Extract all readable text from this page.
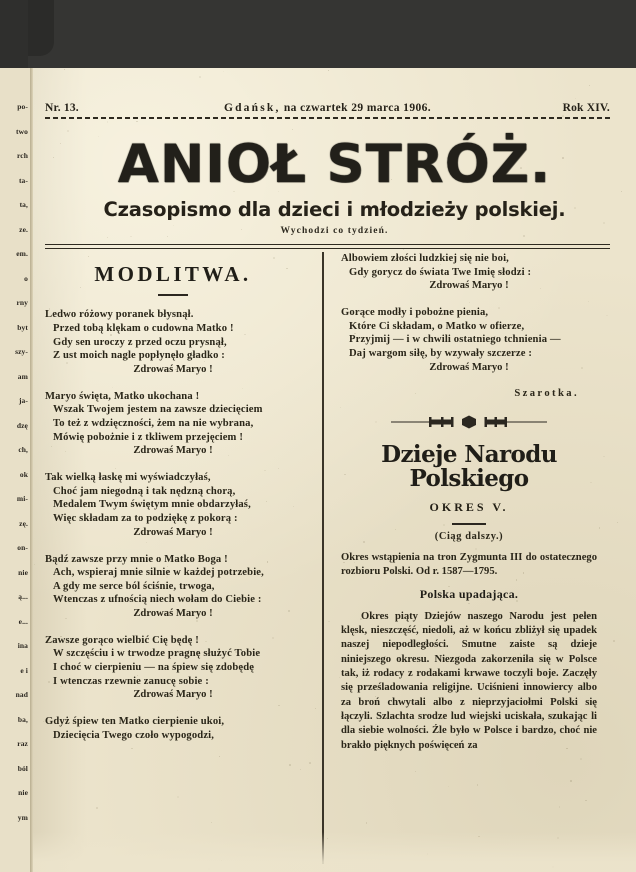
po-
two
rch
ta-
ta,
ze.
em.
o
rny
byt
szy-
am
ja-
dzę
ch,
ok
mi-
zę.
on-
nie
ą...
e...
ina
e i
nad
ba,
raz
ból
nie
ym
Nr. 13.	Gdańsk, na czwartek 29 marca 1906.	Rok XIV.
ANIOŁ STRÓŻ.
Czasopismo dla dzieci i młodzieży polskiej.
Wychodzi co tydzień.
MODLITWA.
Ledwo różowy poranek błysnął.
Przed tobą klękam o cudowna Matko !
Gdy sen uroczy z przed oczu prysnął,
Z ust moich nagle popłynęło gładko :
Zdrowaś Maryo !
Maryo święta, Matko ukochana !
Wszak Twojem jestem na zawsze dziecięciem
To też z wdzięczności, żem na nie wybrana,
Mówię pobożnie i z tkliwem przejęciem !
Zdrowaś Maryo !
Tak wielką łaskę mi wyświadczyłaś,
Choć jam niegodną i tak nędzną chorą,
Medalem Twym świętym mnie obdarzyłaś,
Więc składam za to podziękę z pokorą :
Zdrowaś Maryo !
Bądź zawsze przy mnie o Matko Boga !
Ach, wspieraj mnie silnie w każdej potrzebie,
A gdy me serce ból ściśnie, trwoga,
Wtenczas z ufnością niech wołam do Ciebie :
Zdrowaś Maryo !
Zawsze gorąco wielbić Cię będę !
W szczęściu i w trwodze pragnę służyć Tobie
I choć w cierpieniu — na śpiew się zdobędę
I wtenczas rzewnie zanucę sobie :
Zdrowaś Maryo !
Gdyż śpiew ten Matko cierpienie ukoi,
Dziecięcia Twego czoło wypogodzi,
Albowiem złości ludzkiej się nie boi,
Gdy gorycz do świata Twe Imię słodzi :
Zdrowaś Maryo !
Gorące modły i pobożne pienia,
Które Ci składam, o Matko w ofierze,
Przyjmij — i w chwili ostatniego tchnienia —
Daj wargom siłę, by wzywały szczerze :
Zdrowaś Maryo !
Szarotka.
Dzieje Narodu Polskiego
OKRES V.
(Ciąg dalszy.)
Okres wstąpienia na tron Zygmunta III do ostatecznego rozbioru Polski. Od r. 1587—1795.
Polska upadająca.
Okres piąty Dziejów naszego Narodu jest pełen klęsk, nieszczęść, niedoli, aż w końcu zbliżył się upadek naszej niepodległości. Smutne zaiste są dzieje niniejszego okresu. Niezgoda zakorzeniła się w Polsce tak, iż rodacy z rodakami krwawe toczyli boje. Zaczęły się prześladowania religijne. Uciśnieni innowiercy albo za broń chwytali albo z nieprzyjaciołmi Polski się łączyli. Szlachta srodze lud wiejski uciskała, szukając li dla siebie wolności. Źle było w Polsce i bardzo, choć nie brakło pięknych poświęceń za
